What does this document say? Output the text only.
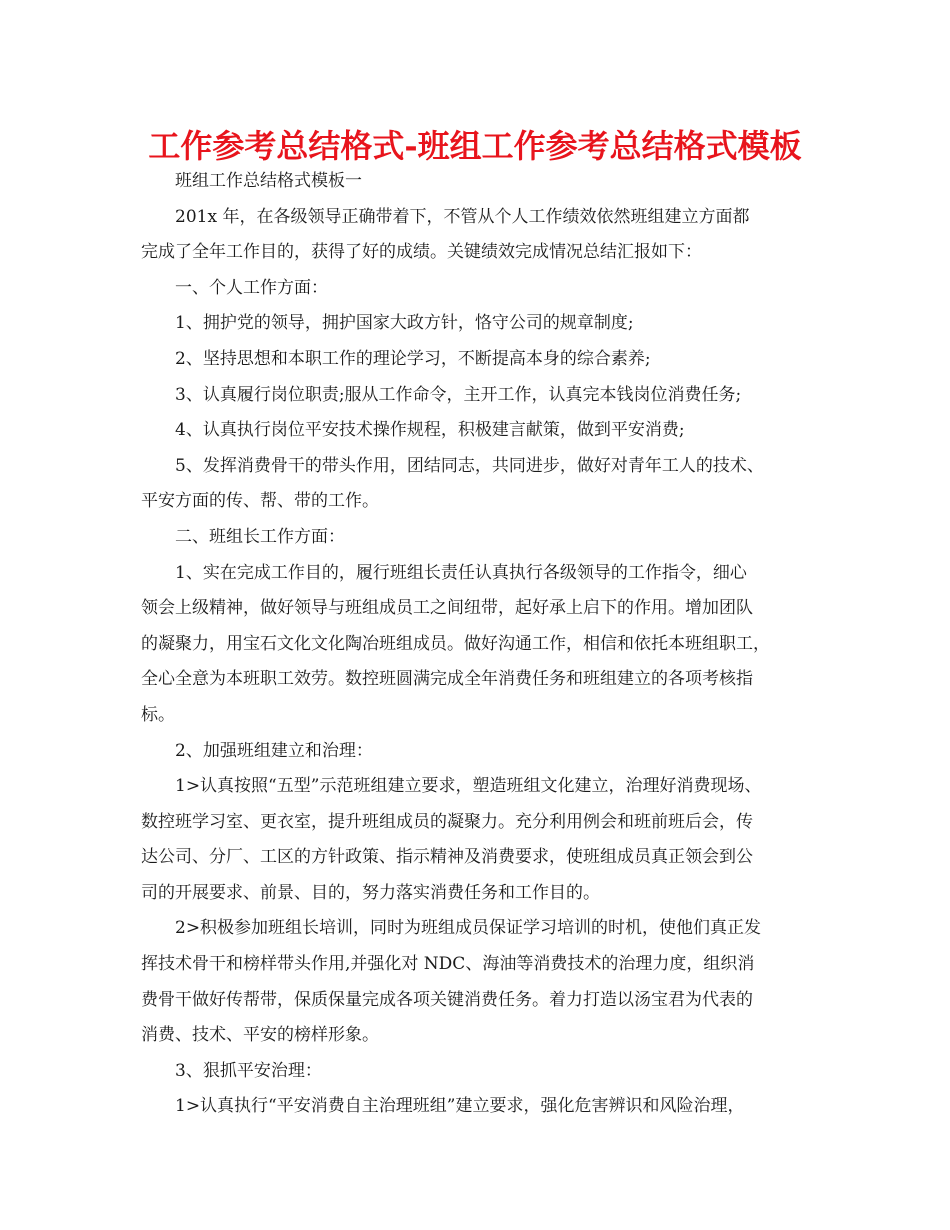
工作参考总结格式-班组工作参考总结格式模板
班组工作总结格式模板一
201x 年，在各级领导正确带着下，不管从个人工作绩效依然班组建立方面都
完成了全年工作目的，获得了好的成绩。关键绩效完成情况总结汇报如下：
一、个人工作方面：
1、拥护党的领导，拥护国家大政方针，恪守公司的规章制度;
2、坚持思想和本职工作的理论学习，不断提高本身的综合素养;
3、认真履行岗位职责;服从工作命令，主开工作，认真完本钱岗位消费任务;
4、认真执行岗位平安技术操作规程，积极建言献策，做到平安消费;
5、发挥消费骨干的带头作用，团结同志，共同进步，做好对青年工人的技术、
平安方面的传、帮、带的工作。
二、班组长工作方面：
1、实在完成工作目的，履行班组长责任认真执行各级领导的工作指令，细心
领会上级精神，做好领导与班组成员工之间纽带，起好承上启下的作用。增加团队
的凝聚力，用宝石文化文化陶冶班组成员。做好沟通工作，相信和依托本班组职工，
全心全意为本班职工效劳。数控班圆满完成全年消费任务和班组建立的各项考核指
标。
2、加强班组建立和治理：
1>认真按照“五型”示范班组建立要求，塑造班组文化建立，治理好消费现场、
数控班学习室、更衣室，提升班组成员的凝聚力。充分利用例会和班前班后会，传
达公司、分厂、工区的方针政策、指示精神及消费要求，使班组成员真正领会到公
司的开展要求、前景、目的，努力落实消费任务和工作目的。
2>积极参加班组长培训，同时为班组成员保证学习培训的时机，使他们真正发
挥技术骨干和榜样带头作用,并强化对 NDC、海油等消费技术的治理力度，组织消
费骨干做好传帮带，保质保量完成各项关键消费任务。着力打造以汤宝君为代表的
消费、技术、平安的榜样形象。
3、狠抓平安治理：
1>认真执行“平安消费自主治理班组”建立要求，强化危害辨识和风险治理，
